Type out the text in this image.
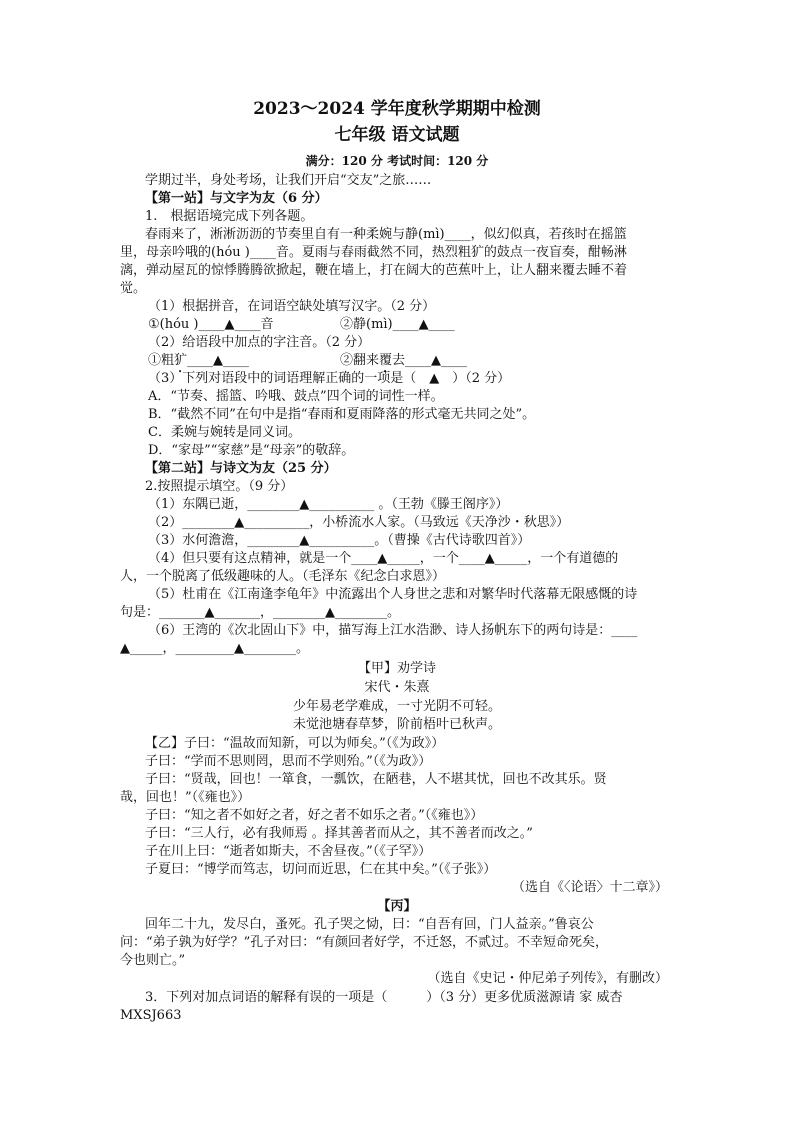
2023～2024 学年度秋学期期中检测
七年级 语文试题
满分：120 分 考试时间：120 分
学期过半，身处考场，让我们开启“交友”之旅……
【第一站】与文字为友（6 分）
1.　根据语境完成下列各题。
春雨来了，淅淅沥沥的节奏里自有一种柔婉与静(mì)____，似幻似真，若孩时在摇篮
里，母亲吟哦的(hóu )____音。夏雨与春雨截然不同，热烈粗犷的鼓点一夜盲奏，酣畅淋
漓，弹动屋瓦的惊悸腾腾欲掀起，鞭在墙上，打在阔大的芭蕉叶上，让人翻来覆去睡不着
觉。
（1）根据拼音，在词语空缺处填写汉字。（2 分）
①(hóu )____▲____音	②静(mì)____▲____
（2）给语段中加点的字注音。（2 分）
①粗犷____▲____	②翻来覆去____▲____
（3）下列对语段中的词语理解正确的一项是（　▲　）（2 分）
A．“节奏、摇篮、吟哦、鼓点”四个词的词性一样。
B．“截然不同”在句中是指“春雨和夏雨降落的形式毫无共同之处”。
C．柔婉与婉转是同义词。
D．“家母”“家慈”是“母亲”的敬辞。
【第二站】与诗文为友（25 分）
2.按照提示填空。（9 分）
（1）东隅已逝，________▲__________ 。（王勃《滕王阁序》）
（2）________▲__________，小桥流水人家。（马致远《天净沙・秋思》）
（3）水何澹澹，________▲__________。（曹操《古代诗歌四首》）
（4）但只要有这点精神，就是一个____▲_____，一个____▲_____，一个有道德的
人，一个脱离了低级趣味的人。（毛泽东《纪念白求恩》）
（5）杜甫在《江南逢李龟年》中流露出个人身世之悲和对繁华时代落幕无限感慨的诗
句是：_______▲_______，________▲________。
（6）王湾的《次北固山下》中，描写海上江水浩渺、诗人扬帆东下的两句诗是：____
▲_____，_________▲________。
【甲】劝学诗
宋代・朱熹
少年易老学难成，一寸光阴不可轻。
未觉池塘春草梦，阶前梧叶已秋声。
【乙】子曰：“温故而知新，可以为师矣。”（《为政》）
子曰：“学而不思则罔，思而不学则殆。”（《为政》）
子曰：“贤哉，回也！一箪食，一瓢饮，在陋巷，人不堪其忧，回也不改其乐。贤
哉，回也！”（《雍也》）
子曰：“知之者不如好之者，好之者不如乐之者。”（《雍也》）
子曰：“三人行，必有我师焉 。择其善者而从之，其不善者而改之。”
子在川上曰：“逝者如斯夫，不舍昼夜。”（《子罕》）
子夏曰：“博学而笃志，切问而近思，仁在其中矣。”（《子张》）
（选自《〈论语〉十二章》）
【丙】
回年二十九，发尽白，蚤死。孔子哭之恸，曰：“自吾有回，门人益亲。”鲁哀公
问：“弟子孰为好学？”孔子对曰：“有颜回者好学，不迁怒，不贰过。不幸短命死矣，
今也则亡。”
（选自《史记・仲尼弟子列传》，有删改）
3．下列对加点词语的解释有误的一项是（　　　）（3 分）更多优质滋源请 家 威杏
MXSJ663
